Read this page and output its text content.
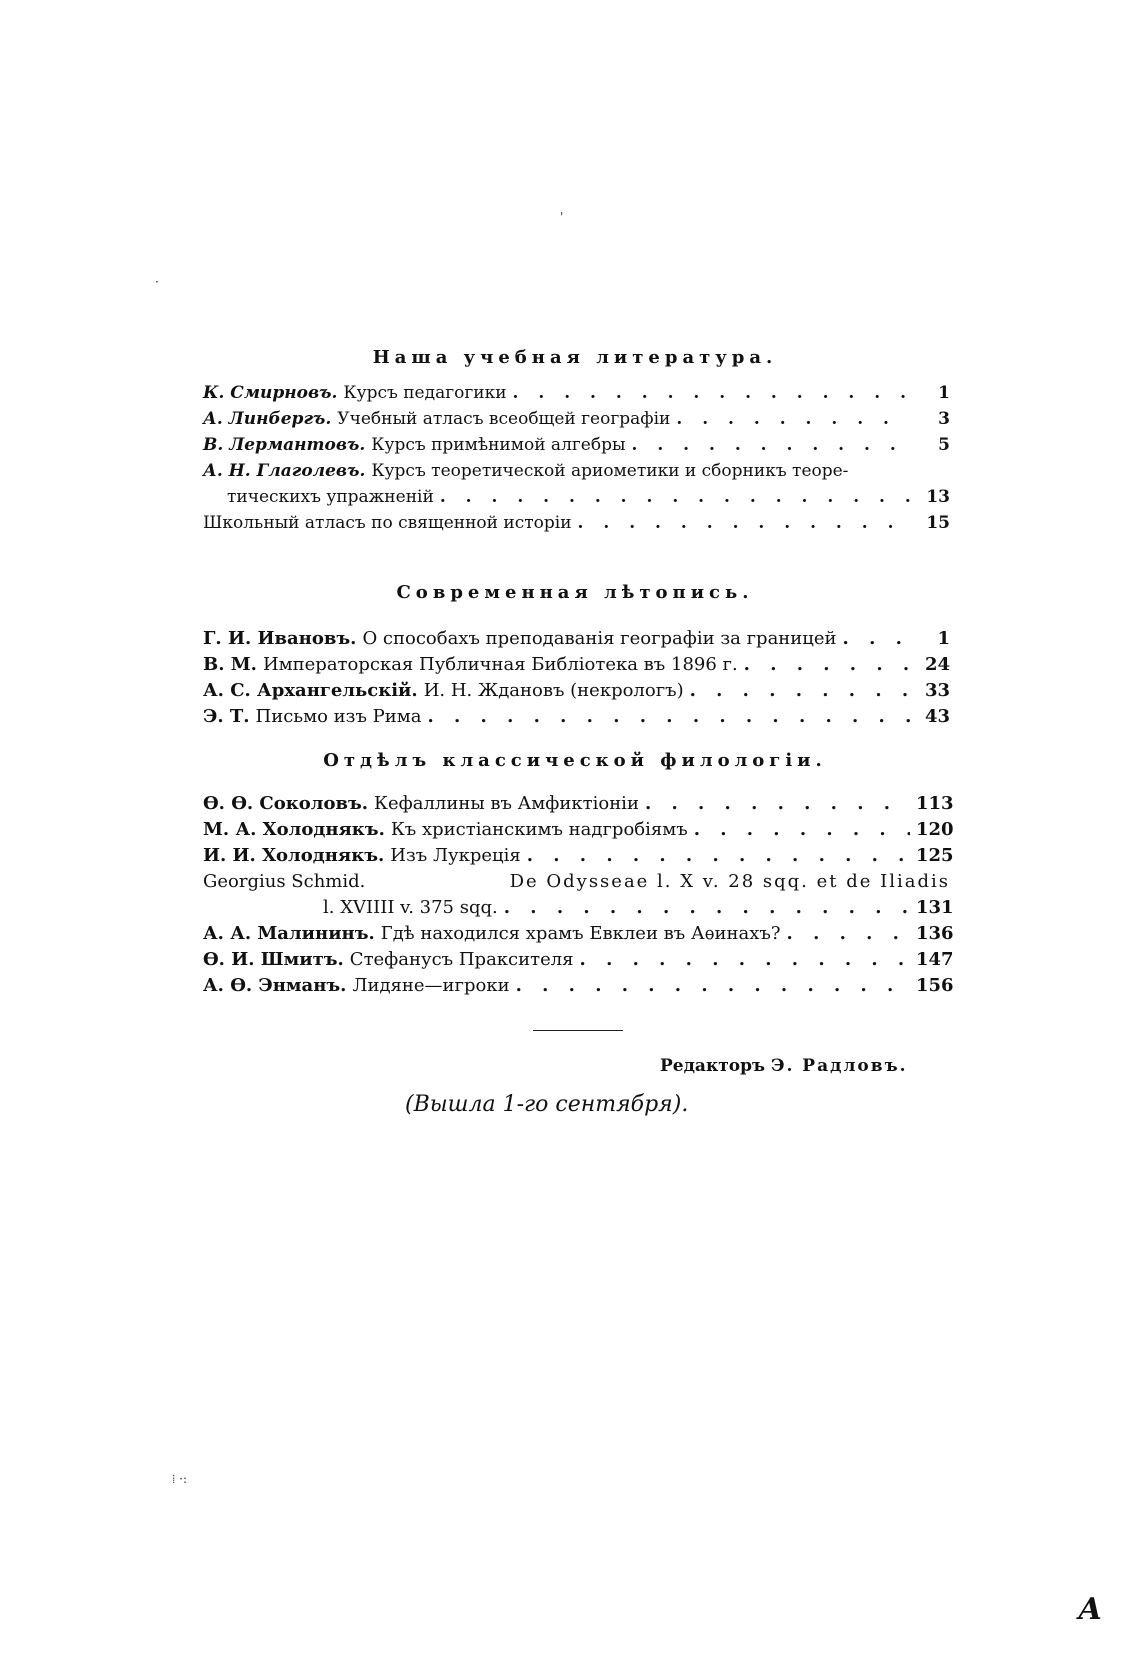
Наша учебная литература.
К. Смирновъ. Курсъ педагогики . . .	1
А. Линбергъ. Учебный атласъ всеобщей географіи . . .	3
В. Лермантовъ. Курсъ примѣнимой алгебры . . .	5
А. Н. Глаголевъ. Курсъ теоретической ариометики и сборникъ теоре-
тическихъ упражненій . . .	13
Школьный атласъ по священной исторіи . . .	15
Современная лѣтопись.
Г. И. Ивановъ. О способахъ преподаванія географіи за границей . . .	1
В. М. Императорская Публичная Библіотека въ 1896 г. . . .	24
А. С. Архангельскій. И. Н. Ждановъ (некрологъ) . . .	33
Э. Т. Письмо изъ Рима . . .	43
Отдѣлъ классической филологіи.
Ѳ. Ѳ. Соколовъ. Кефаллины въ Амфиктіоніи . . .	113
М. А. Холоднякъ. Къ христіанскимъ надгробіямъ . . .	120
И. И. Холоднякъ. Изъ Лукреція . . .	125
Georgius Schmid.	De Odysseae l. X v. 28 sqq. et de Iliadis
l. XVIIII v. 375 sqq. . . .	131
А. А. Малининъ. Гдѣ находился храмъ Евклеи въ Аѳинахъ? . . .	136
Ѳ. И. Шмитъ. Стефанусъ Праксителя . . .	147
А. Ѳ. Энманъ. Лидяне—игроки . . .	156
Редакторъ Э. Радловъ.
(Вышла 1-го сентября).
А
·
'
⁞ ·:
